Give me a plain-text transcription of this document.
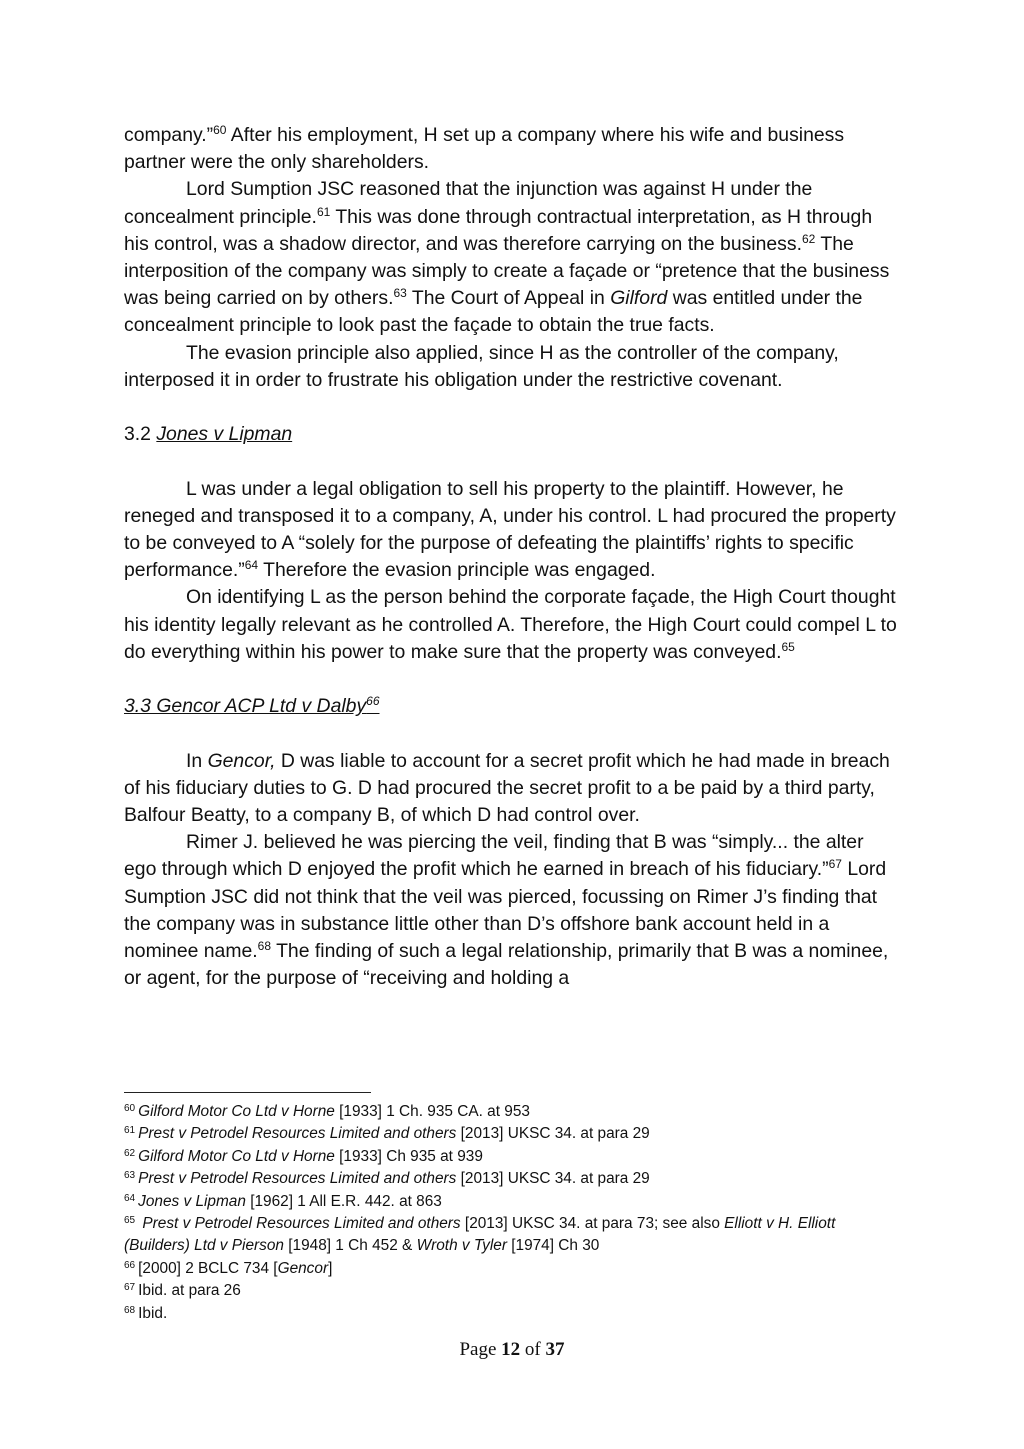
company.”$^{60}$ After his employment, H set up a company where his wife and business partner were the only shareholders.

Lord Sumption JSC reasoned that the injunction was against H under the concealment principle.$^{61}$ This was done through contractual interpretation, as H through his control, was a shadow director, and was therefore carrying on the business.$^{62}$ The interposition of the company was simply to create a façade or “pretence that the business was being carried on by others.$^{63}$ The Court of Appeal in Gilford was entitled under the concealment principle to look past the façade to obtain the true facts.

The evasion principle also applied, since H as the controller of the company, interposed it in order to frustrate his obligation under the restrictive covenant.

3.2 Jones v Lipman

L was under a legal obligation to sell his property to the plaintiff. However, he reneged and transposed it to a company, A, under his control. L had procured the property to be conveyed to A “solely for the purpose of defeating the plaintiffs’ rights to specific performance.”$^{64}$ Therefore the evasion principle was engaged.

On identifying L as the person behind the corporate façade, the High Court thought his identity legally relevant as he controlled A. Therefore, the High Court could compel L to do everything within his power to make sure that the property was conveyed.$^{65}$

3.3 Gencor ACP Ltd v Dalby$^{66}$

In Gencor, D was liable to account for a secret profit which he had made in breach of his fiduciary duties to G. D had procured the secret profit to a be paid by a third party, Balfour Beatty, to a company B, of which D had control over.

Rimer J. believed he was piercing the veil, finding that B was “simply... the alter ego through which D enjoyed the profit which he earned in breach of his fiduciary.”$^{67}$ Lord Sumption JSC did not think that the veil was pierced, focussing on Rimer J’s finding that the company was in substance little other than D’s offshore bank account held in a nominee name.$^{68}$ The finding of such a legal relationship, primarily that B was a nominee, or agent, for the purpose of “receiving and holding a

$^{60}$ Gilford Motor Co Ltd v Horne [1933] 1 Ch. 935 CA. at 953

$^{61}$ Prest v Petrodel Resources Limited and others [2013] UKSC 34. at para 29

$^{62}$ Gilford Motor Co Ltd v Horne [1933] Ch 935 at 939

$^{63}$ Prest v Petrodel Resources Limited and others [2013] UKSC 34. at para 29

$^{64}$ Jones v Lipman [1962] 1 All E.R. 442. at 863

$^{65}$ Prest v Petrodel Resources Limited and others [2013] UKSC 34. at para 73; see also Elliott v H. Elliott (Builders) Ltd v Pierson [1948] 1 Ch 452 & Wroth v Tyler [1974] Ch 30

$^{66}$ [2000] 2 BCLC 734 [Gencor]

$^{67}$ Ibid. at para 26

$^{68}$ Ibid.

Page 12 of 37
